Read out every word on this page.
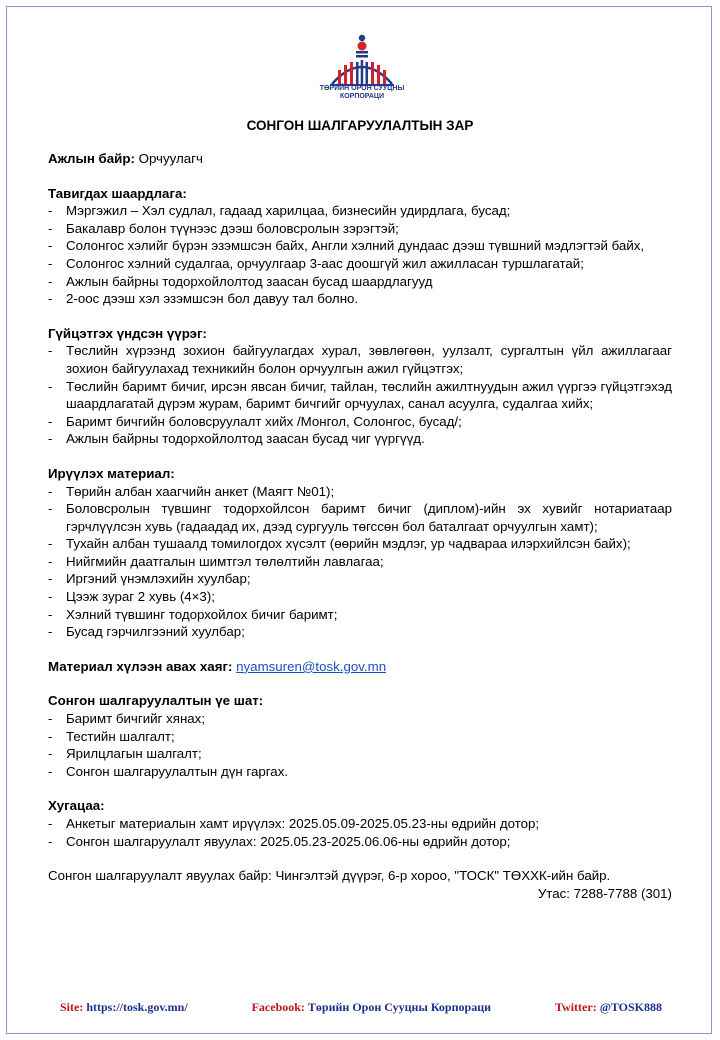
ТӨРИЙН ОРОН СУУЦНЫ
КОРПОРАЦИ
СОНГОН ШАЛГАРУУЛАЛТЫН ЗАР
Ажлын байр: Орчуулагч
Тавигдах шаардлага:
- Мэргэжил – Хэл судлал, гадаад харилцаа, бизнесийн удирдлага, бусад;
- Бакалавр болон түүнээс дээш боловсролын зэрэгтэй;
- Солонгос хэлийг бүрэн эзэмшсэн байх, Англи хэлний дундаас дээш түвшний мэдлэгтэй байх,
- Солонгос хэлний судалгаа, орчуулгаар 3-аас доошгүй жил ажилласан туршлагатай;
- Ажлын байрны тодорхойлолтод заасан бусад шаардлагууд
- 2-оос дээш хэл эзэмшсэн бол давуу тал болно.
Гүйцэтгэх үндсэн үүрэг:
- Төслийн хүрээнд зохион байгуулагдах хурал, зөвлөгөөн, уулзалт, сургалтын үйл ажиллагааг зохион байгуулахад техникийн болон орчуулгын ажил гүйцэтгэх;
- Төслийн баримт бичиг, ирсэн явсан бичиг, тайлан, төслийн ажилтнуудын ажил үүргээ гүйцэтгэхэд шаардлагатай дүрэм журам, баримт бичгийг орчуулах, санал асуулга, судалгаа хийх;
- Баримт бичгийн боловсруулалт хийх /Монгол, Солонгос, бусад/;
- Ажлын байрны тодорхойлолтод заасан бусад чиг үүргүүд.
Ирүүлэх материал:
- Төрийн албан хаагчийн анкет (Маягт №01);
- Боловсролын түвшинг тодорхойлсон баримт бичиг (диплом)-ийн эх хувийг нотариатаар гэрчлүүлсэн хувь (гадаадад их, дээд сургууль төгссөн бол баталгаат орчуулгын хамт);
- Тухайн албан тушаалд томилогдох хүсэлт (өөрийн мэдлэг, ур чадвараа илэрхийлсэн байх);
- Нийгмийн даатгалын шимтгэл төлөлтийн лавлагаа;
- Иргэний үнэмлэхийн хуулбар;
- Цээж зураг 2 хувь (4×3);
- Хэлний түвшинг тодорхойлох бичиг баримт;
- Бусад гэрчилгээний хуулбар;
Материал хүлээн авах хаяг: nyamsuren@tosk.gov.mn
Сонгон шалгаруулалтын үе шат:
- Баримт бичгийг хянах;
- Тестийн шалгалт;
- Ярилцлагын шалгалт;
- Сонгон шалгаруулалтын дүн гаргах.
Хугацаа:
- Анкетыг материалын хамт ирүүлэх: 2025.05.09-2025.05.23-ны өдрийн дотор;
- Сонгон шалгаруулалт явуулах: 2025.05.23-2025.06.06-ны өдрийн дотор;
Сонгон шалгаруулалт явуулах байр: Чингэлтэй дүүрэг, 6-р хороо, "ТОСК" ТӨХХК-ийн байр.
Утас: 7288-7788 (301)
Site: https://tosk.gov.mn/	Facebook: Төрийн Орон Сууцны Корпораци	Twitter: @TOSK888
